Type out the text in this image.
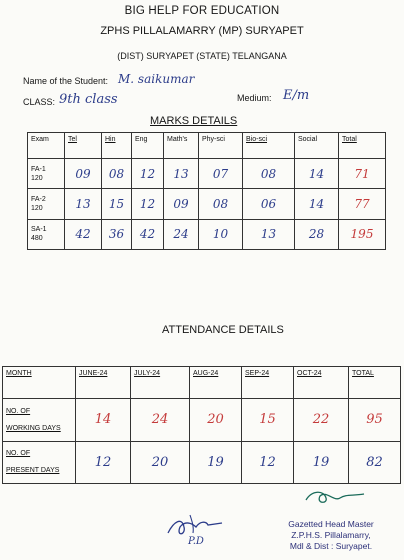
BIG HELP FOR EDUCATION
ZPHS PILLALAMARRY (MP) SURYAPET
(DIST) SURYAPET (STATE) TELANGANA
Name of the Student: M. saikumar
CLASS: 9th class	Medium: E/m
MARKS DETAILS
Exam	Tel	Hin	Eng	Math's	Phy-sci	Bio-sci	Social	Total
FA-1
120	09	08	12	13	07	08	14	71
FA-2
120	13	15	12	09	08	06	14	77
SA-1
480	42	36	42	24	10	13	28	195
ATTENDANCE DETAILS
MONTH	JUNE-24	JULY-24	AUG-24	SEP-24	OCT-24	TOTAL
NO. OF
WORKING DAYS	14	24	20	15	22	95
NO. OF
PRESENT DAYS	12	20	19	12	19	82
P.D
Gazetted Head Master
Z.P.H.S. Pillalamarry,
Mdl & Dist : Suryapet.
